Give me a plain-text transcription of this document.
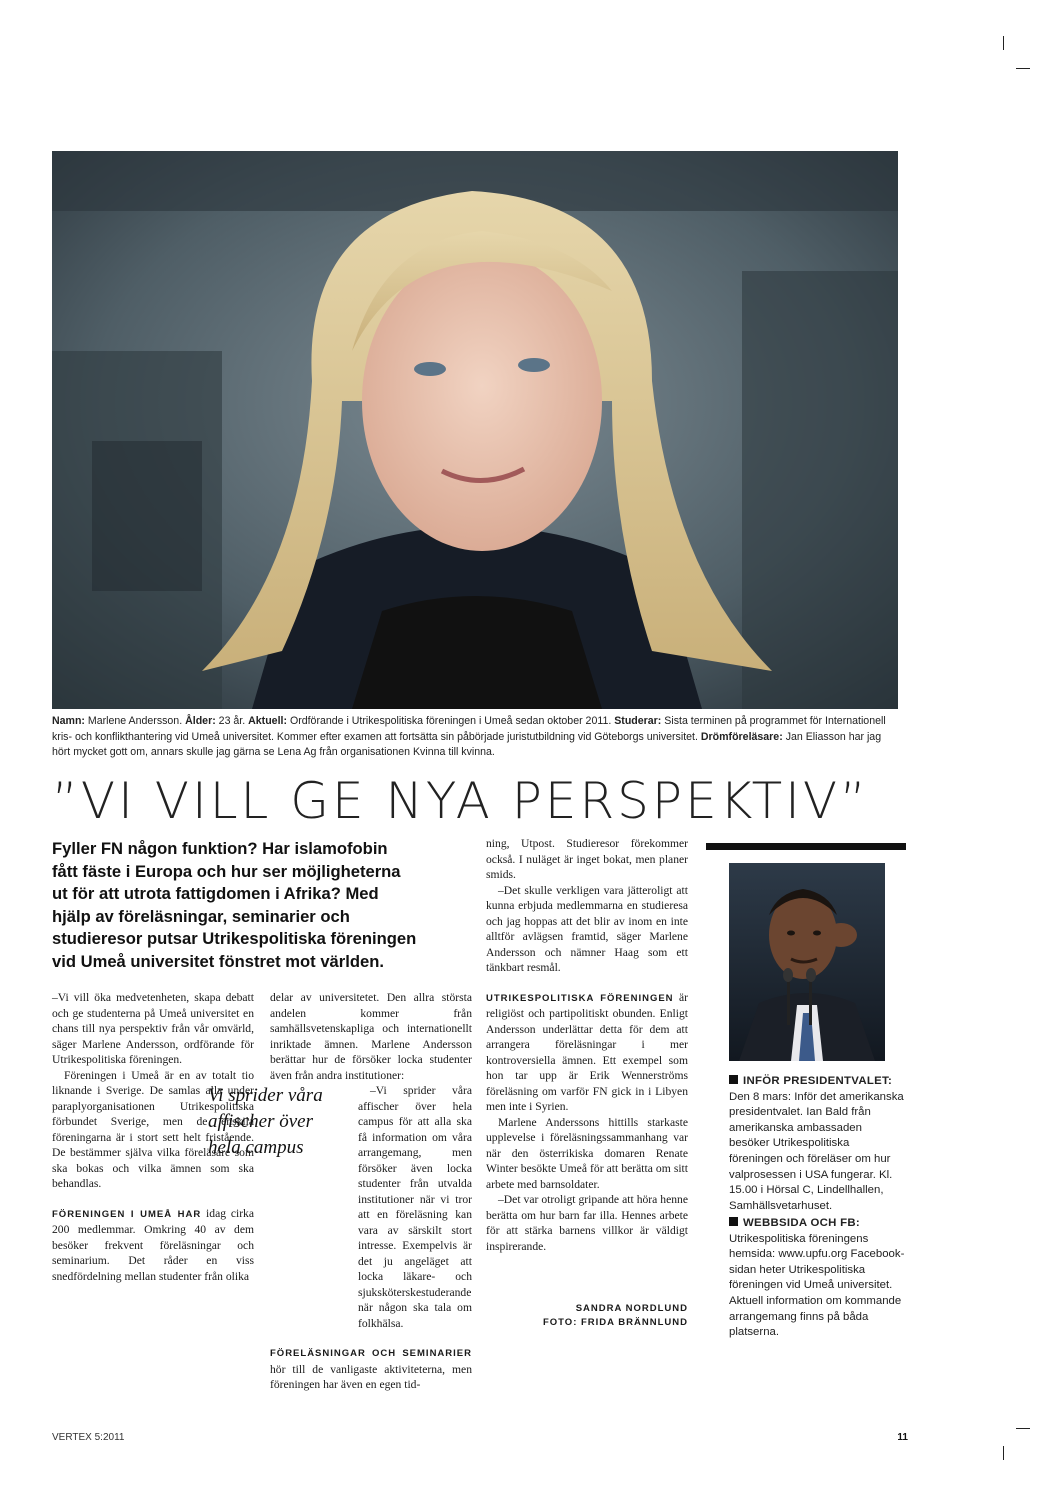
Namn: Marlene Andersson. Ålder: 23 år. Aktuell: Ordförande i Utrikespolitiska föreningen i Umeå sedan oktober 2011. Studerar: Sista terminen på programmet för Internationell kris- och konflikthantering vid Umeå universitet. Kommer efter examen att fortsätta sin påbörjade juristutbildning vid Göteborgs universitet. Drömföreläsare: Jan Eliasson har jag hört mycket gott om, annars skulle jag gärna se Lena Ag från organisationen Kvinna till kvinna.
”VI VILL GE NYA PERSPEKTIV”
Fyller FN någon funktion? Har islamofobin fått fäste i Europa och hur ser möjligheterna ut för att utrota fattigdomen i Afrika? Med hjälp av föreläsningar, seminarier och studieresor putsar Utrikespolitiska föreningen vid Umeå universitet fönstret mot världen.

–Vi vill öka medvetenheten, skapa debatt och ge studenterna på Umeå universitet en chans till nya perspektiv från vår omvärld, säger Marlene Andersson, ordförande för Utrikespolitiska föreningen.

Föreningen i Umeå är en av totalt tio liknande i Sverige. De samlas alla under paraplyorganisationen Utrikespolitiska förbundet Sverige, men de enskila föreningarna är i stort sett helt fristående. De bestämmer själva vilka föreläsare som ska bokas och vilka ämnen som ska behandlas.

FÖRENINGEN I UMEÅ HAR idag cirka 200 medlemmar. Omkring 40 av dem besöker frekvent föreläsningar och seminarium. Det råder en viss snedfördelning mellan studenter från olika

Vi sprider våra affischer över hela campus

delar av universitetet. Den allra största andelen kommer från samhällsvetenskapliga och internationellt inriktade ämnen. Marlene Andersson berättar hur de försöker locka studenter även från andra institutioner:

–Vi sprider våra affischer över hela campus för att alla ska få information om våra arrangemang, men försöker även locka studenter från utvalda institutioner när vi tror att en föreläsning kan vara av särskilt stort intresse. Exempelvis är det ju angeläget att locka läkare- och sjuksköterskestuderande när någon ska tala om folkhälsa.

FÖRELÄSNINGAR OCH SEMINARIER hör till de vanligaste aktiviteterna, men föreningen har även en egen tid-

ning, Utpost. Studieresor förekommer också. I nuläget är inget bokat, men planer smids.

–Det skulle verkligen vara jätteroligt att kunna erbjuda medlemmarna en studieresa och jag hoppas att det blir av inom en inte alltför avlägsen framtid, säger Marlene Andersson och nämner Haag som ett tänkbart resmål.

UTRIKESPOLITISKA FÖRENINGEN är religiöst och partipolitiskt obunden. Enligt Andersson underlättar detta för dem att arrangera föreläsningar i mer kontroversiella ämnen. Ett exempel som hon tar upp är Erik Wennerströms föreläsning om varför FN gick in i Libyen men inte i Syrien.

Marlene Anderssons hittills starkaste upplevelse i föreläsningssammanhang var när den österrikiska domaren Renate Winter besökte Umeå för att berätta om sitt arbete med barnsoldater.

–Det var otroligt gripande att höra henne berätta om hur barn far illa. Hennes arbete för att stärka barnens villkor är väldigt inspirerande.

SANDRA NORDLUND
FOTO: FRIDA BRÄNNLUND
INFÖR PRESIDENTVALET:

Den 8 mars: Inför det amerikanska presidentvalet. Ian Bald från amerikanska ambassaden besöker Utrikespolitiska föreningen och föreläser om hur valprosessen i USA fungerar. Kl. 15.00 i Hörsal C, Lindellhallen, Samhällsvetarhuset.

WEBBSIDA OCH FB:

Utrikespolitiska föreningens hemsida: www.upfu.org Facebook-sidan heter Utrikespolitiska föreningen vid Umeå universitet. Aktuell information om kommande arrangemang finns på båda platserna.

VERTEX 5:2011	11
